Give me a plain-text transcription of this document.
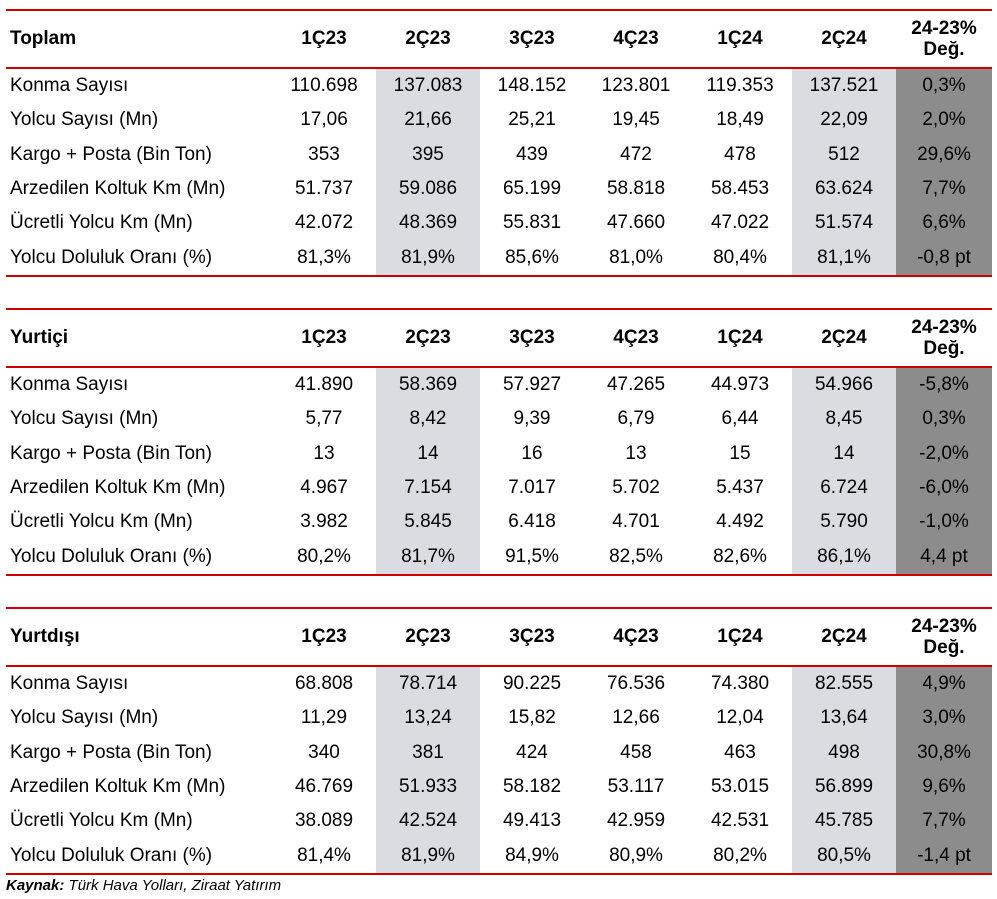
Toplam	1Ç23	2Ç23	3Ç23	4Ç23	1Ç24	2Ç24	24-23%
Değ.
Konma Sayısı	110.698	137.083	148.152	123.801	119.353	137.521	0,3%
Yolcu Sayısı (Mn)	17,06	21,66	25,21	19,45	18,49	22,09	2,0%
Kargo + Posta (Bin Ton)	353	395	439	472	478	512	29,6%
Arzedilen Koltuk Km (Mn)	51.737	59.086	65.199	58.818	58.453	63.624	7,7%
Ücretli Yolcu Km (Mn)	42.072	48.369	55.831	47.660	47.022	51.574	6,6%
Yolcu Doluluk Oranı (%)	81,3%	81,9%	85,6%	81,0%	80,4%	81,1%	-0,8 pt
Yurtiçi	1Ç23	2Ç23	3Ç23	4Ç23	1Ç24	2Ç24	24-23%
Değ.
Konma Sayısı	41.890	58.369	57.927	47.265	44.973	54.966	-5,8%
Yolcu Sayısı (Mn)	5,77	8,42	9,39	6,79	6,44	8,45	0,3%
Kargo + Posta (Bin Ton)	13	14	16	13	15	14	-2,0%
Arzedilen Koltuk Km (Mn)	4.967	7.154	7.017	5.702	5.437	6.724	-6,0%
Ücretli Yolcu Km (Mn)	3.982	5.845	6.418	4.701	4.492	5.790	-1,0%
Yolcu Doluluk Oranı (%)	80,2%	81,7%	91,5%	82,5%	82,6%	86,1%	4,4 pt
Yurtdışı	1Ç23	2Ç23	3Ç23	4Ç23	1Ç24	2Ç24	24-23%
Değ.
Konma Sayısı	68.808	78.714	90.225	76.536	74.380	82.555	4,9%
Yolcu Sayısı (Mn)	11,29	13,24	15,82	12,66	12,04	13,64	3,0%
Kargo + Posta (Bin Ton)	340	381	424	458	463	498	30,8%
Arzedilen Koltuk Km (Mn)	46.769	51.933	58.182	53.117	53.015	56.899	9,6%
Ücretli Yolcu Km (Mn)	38.089	42.524	49.413	42.959	42.531	45.785	7,7%
Yolcu Doluluk Oranı (%)	81,4%	81,9%	84,9%	80,9%	80,2%	80,5%	-1,4 pt
Kaynak: Türk Hava Yolları, Ziraat Yatırım
